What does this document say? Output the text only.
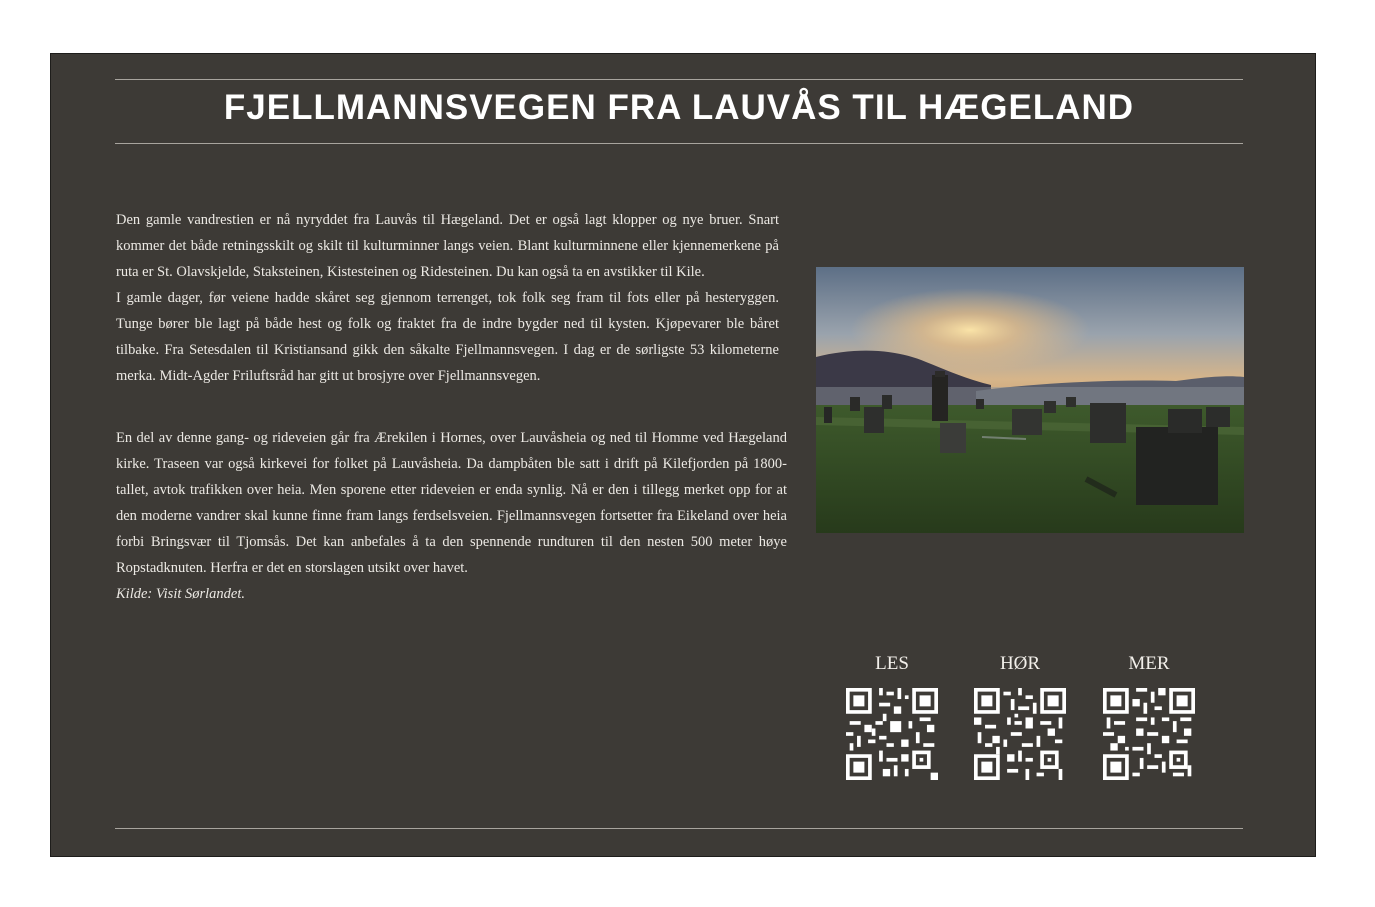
FJELLMANNSVEGEN FRA LAUVÅS TIL HÆGELAND

Den gamle vandrestien er nå nyryddet fra Lauvås til Hægeland. Det er også lagt klopper og nye bruer. Snart kommer det både retningsskilt og skilt til kulturminner langs veien. Blant kulturminnene eller kjennemerkene på ruta er St. Olavskjelde, Staksteinen, Kistesteinen og Ridesteinen. Du kan også ta en avstikker til Kile.

I gamle dager, før veiene hadde skåret seg gjennom terrenget, tok folk seg fram til fots eller på hesteryggen. Tunge bører ble lagt på både hest og folk og fraktet fra de indre bygder ned til kysten. Kjøpevarer ble båret tilbake. Fra Setesdalen til Kristiansand gikk den såkalte Fjellmannsvegen. I dag er de sørligste 53 kilometerne merka. Midt-Agder Friluftsråd har gitt ut brosjyre over Fjellmannsvegen.

En del av denne gang- og rideveien går fra Ærekilen i Hornes, over Lauvåsheia og ned til Homme ved Hægeland kirke. Traseen var også kirkevei for folket på Lauvåsheia. Da dampbåten ble satt i drift på Kilefjorden på 1800-tallet, avtok trafikken over heia. Men sporene etter rideveien er enda synlig. Nå er den i tillegg merket opp for at den moderne vandrer skal kunne finne fram langs ferdselsveien. Fjellmannsvegen fortsetter fra Eikeland over heia forbi Bringsvær til Tjomsås. Det kan anbefales å ta den spennende rundturen til den nesten 500 meter høye Ropstadknuten. Herfra er det en storslagen utsikt over havet.
Kilde: Visit Sørlandet.

LES	HØR	MER
